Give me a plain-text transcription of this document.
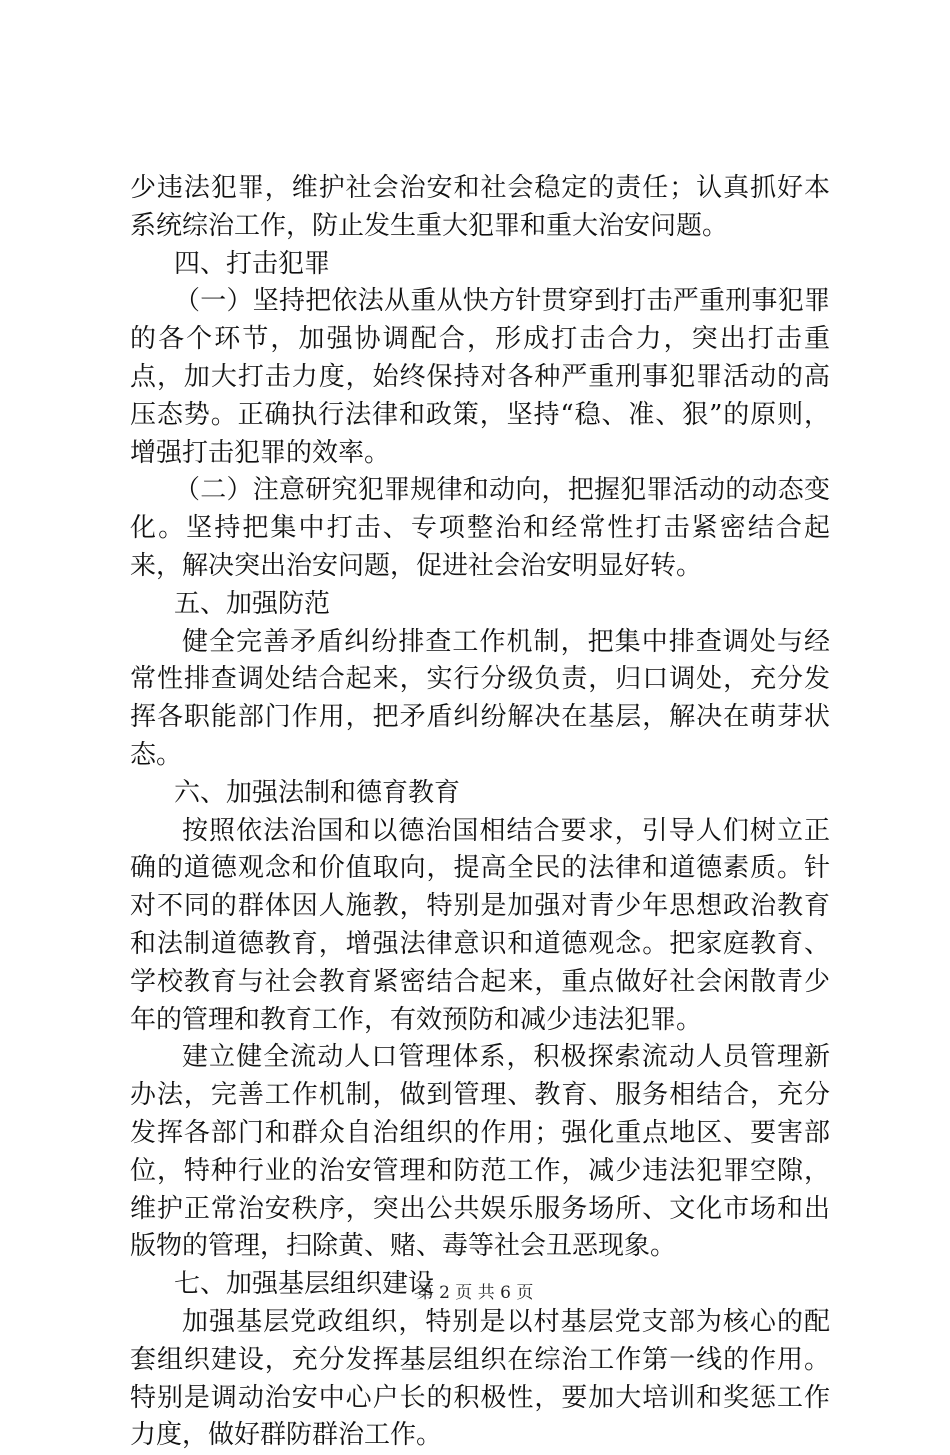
少违法犯罪，维护社会治安和社会稳定的责任；认真抓好本系统综治工作，防止发生重大犯罪和重大治安问题。

四、打击犯罪

（一）坚持把依法从重从快方针贯穿到打击严重刑事犯罪的各个环节，加强协调配合，形成打击合力，突出打击重点，加大打击力度，始终保持对各种严重刑事犯罪活动的高压态势。正确执行法律和政策，坚持“稳、准、狠”的原则，增强打击犯罪的效率。

（二）注意研究犯罪规律和动向，把握犯罪活动的动态变化。坚持把集中打击、专项整治和经常性打击紧密结合起来，解决突出治安问题，促进社会治安明显好转。

五、加强防范

健全完善矛盾纠纷排查工作机制，把集中排查调处与经常性排查调处结合起来，实行分级负责，归口调处，充分发挥各职能部门作用，把矛盾纠纷解决在基层，解决在萌芽状态。

六、加强法制和德育教育

按照依法治国和以德治国相结合要求，引导人们树立正确的道德观念和价值取向，提高全民的法律和道德素质。针对不同的群体因人施教，特别是加强对青少年思想政治教育和法制道德教育，增强法律意识和道德观念。把家庭教育、学校教育与社会教育紧密结合起来，重点做好社会闲散青少年的管理和教育工作，有效预防和减少违法犯罪。

建立健全流动人口管理体系，积极探索流动人员管理新办法，完善工作机制，做到管理、教育、服务相结合，充分发挥各部门和群众自治组织的作用；强化重点地区、要害部位，特种行业的治安管理和防范工作，减少违法犯罪空隙，维护正常治安秩序，突出公共娱乐服务场所、文化市场和出版物的管理，扫除黄、赌、毒等社会丑恶现象。

七、加强基层组织建设

加强基层党政组织，特别是以村基层党支部为核心的配套组织建设，充分发挥基层组织在综治工作第一线的作用。特别是调动治安中心户长的积极性，要加大培训和奖惩工作力度，做好群防群治工作。

第 2 页 共 6 页
